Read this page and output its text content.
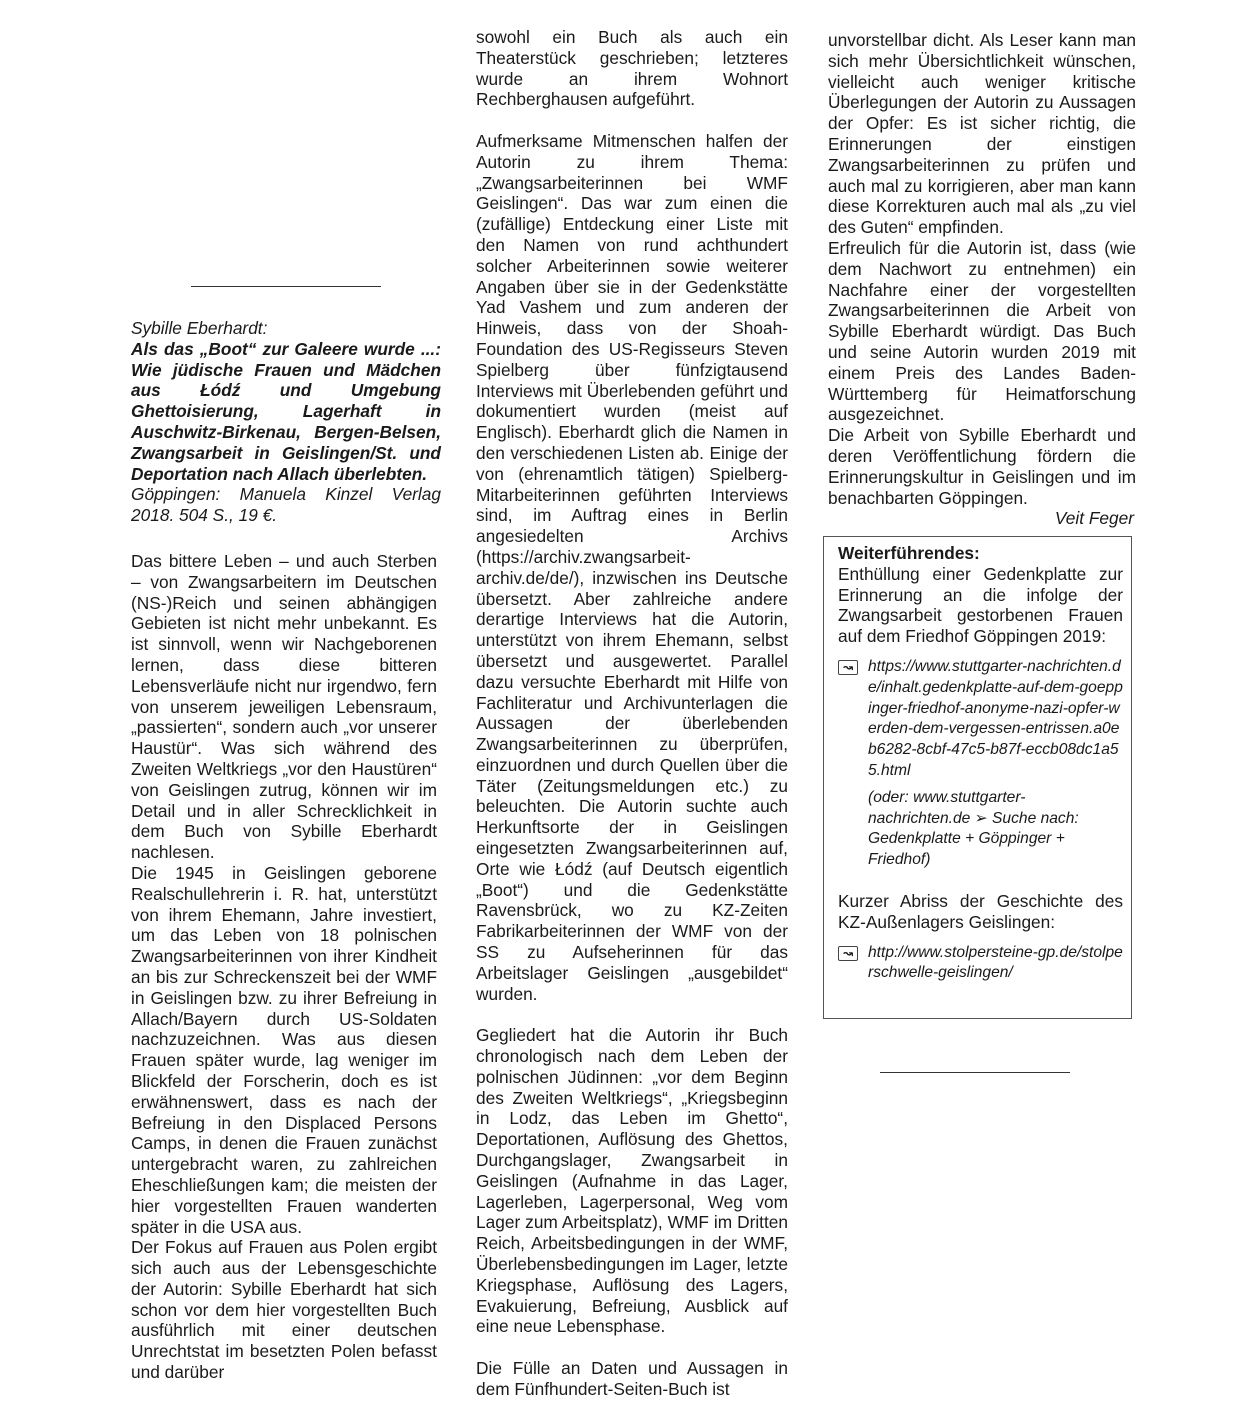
Sybille Eberhardt:
Als das „Boot“ zur Galeere wurde ...: Wie jüdische Frauen und Mädchen aus Łódź und Umgebung Ghettoisierung, Lagerhaft in Auschwitz-Birkenau, Bergen-Belsen, Zwangsarbeit in Geislingen/St. und Deportation nach Allach überlebten.
Göppingen: Manuela Kinzel Verlag 2018. 504 S., 19 €.

Das bittere Leben – und auch Sterben – von Zwangsarbeitern im Deutschen (NS-)Reich und seinen abhängigen Gebieten ist nicht mehr unbekannt. Es ist sinnvoll, wenn wir Nachgeborenen lernen, dass diese bitteren Lebensverläufe nicht nur irgendwo, fern von unserem jeweiligen Lebensraum, „passierten“, sondern auch „vor unserer Haustür“. Was sich während des Zweiten Weltkriegs „vor den Haustüren“ von Geislingen zutrug, können wir im Detail und in aller Schrecklichkeit in dem Buch von Sybille Eberhardt nachlesen.

Die 1945 in Geislingen geborene Realschullehrerin i. R. hat, unterstützt von ihrem Ehemann, Jahre investiert, um das Leben von 18 polnischen Zwangsarbeiterinnen von ihrer Kindheit an bis zur Schreckenszeit bei der WMF in Geislingen bzw. zu ihrer Befreiung in Allach/Bayern durch US-Soldaten nachzuzeichnen. Was aus diesen Frauen später wurde, lag weniger im Blickfeld der Forscherin, doch es ist erwähnenswert, dass es nach der Befreiung in den Displaced Persons Camps, in denen die Frauen zunächst untergebracht waren, zu zahlreichen Eheschließungen kam; die meisten der hier vorgestellten Frauen wanderten später in die USA aus.

Der Fokus auf Frauen aus Polen ergibt sich auch aus der Lebensgeschichte der Autorin: Sybille Eberhardt hat sich schon vor dem hier vorgestellten Buch ausführlich mit einer deutschen Unrechtstat im besetzten Polen befasst und darüber

sowohl ein Buch als auch ein Theaterstück geschrieben; letzteres wurde an ihrem Wohnort Rechberghausen aufgeführt.

Aufmerksame Mitmenschen halfen der Autorin zu ihrem Thema: „Zwangsarbeiterinnen bei WMF Geislingen“. Das war zum einen die (zufällige) Entdeckung einer Liste mit den Namen von rund achthundert solcher Arbeiterinnen sowie weiterer Angaben über sie in der Gedenkstätte Yad Vashem und zum anderen der Hinweis, dass von der Shoah-Foundation des US-Regisseurs Steven Spielberg über fünfzigtausend Interviews mit Überlebenden geführt und dokumentiert wurden (meist auf Englisch). Eberhardt glich die Namen in den verschiedenen Listen ab. Einige der von (ehrenamtlich tätigen) Spielberg-Mitarbeiterinnen geführten Interviews sind, im Auftrag eines in Berlin angesiedelten Archivs (https://archiv.zwangsarbeit-archiv.de/de/), inzwischen ins Deutsche übersetzt. Aber zahlreiche andere derartige Interviews hat die Autorin, unterstützt von ihrem Ehemann, selbst übersetzt und ausgewertet. Parallel dazu versuchte Eberhardt mit Hilfe von Fachliteratur und Archivunterlagen die Aussagen der überlebenden Zwangsarbeiterinnen zu überprüfen, einzuordnen und durch Quellen über die Täter (Zeitungsmeldungen etc.) zu beleuchten. Die Autorin suchte auch Herkunftsorte der in Geislingen eingesetzten Zwangsarbeiterinnen auf, Orte wie Łódź (auf Deutsch eigentlich „Boot“) und die Gedenkstätte Ravensbrück, wo zu KZ-Zeiten Fabrikarbeiterinnen der WMF von der SS zu Aufseherinnen für das Arbeitslager Geislingen „ausgebildet“ wurden.

Gegliedert hat die Autorin ihr Buch chronologisch nach dem Leben der polnischen Jüdinnen: „vor dem Beginn des Zweiten Weltkriegs“, „Kriegsbeginn in Lodz, das Leben im Ghetto“, Deportationen, Auflösung des Ghettos, Durchgangslager, Zwangsarbeit in Geislingen (Aufnahme in das Lager, Lagerleben, Lagerpersonal, Weg vom Lager zum Arbeitsplatz), WMF im Dritten Reich, Arbeitsbedingungen in der WMF, Überlebensbedingungen im Lager, letzte Kriegsphase, Auflösung des Lagers, Evakuierung, Befreiung, Ausblick auf eine neue Lebensphase.

Die Fülle an Daten und Aussagen in dem Fünfhundert-Seiten-Buch ist

unvorstellbar dicht. Als Leser kann man sich mehr Übersichtlichkeit wünschen, vielleicht auch weniger kritische Überlegungen der Autorin zu Aussagen der Opfer: Es ist sicher richtig, die Erinnerungen der einstigen Zwangsarbeiterinnen zu prüfen und auch mal zu korrigieren, aber man kann diese Korrekturen auch mal als „zu viel des Guten“ empfinden.

Erfreulich für die Autorin ist, dass (wie dem Nachwort zu entnehmen) ein Nachfahre einer der vorgestellten Zwangsarbeiterinnen die Arbeit von Sybille Eberhardt würdigt. Das Buch und seine Autorin wurden 2019 mit einem Preis des Landes Baden-Württemberg für Heimatforschung ausgezeichnet.

Die Arbeit von Sybille Eberhardt und deren Veröffentlichung fördern die Erinnerungskultur in Geislingen und im benachbarten Göppingen.

Veit Feger

Weiterführendes:

Enthüllung einer Gedenkplatte zur Erinnerung an die infolge der Zwangsarbeit gestorbenen Frauen auf dem Friedhof Göppingen 2019:

↝ https://www.stuttgarter-nachrichten.de/inhalt.gedenkplatte-auf-dem-goeppinger-friedhof-anonyme-nazi-opfer-werden-dem-vergessen-entrissen.a0eb6282-8cbf-47c5-b87f-eccb08dc1a55.html

(oder: www.stuttgarter-nachrichten.de ➢ Suche nach: Gedenkplatte + Göppinger + Friedhof)

Kurzer Abriss der Geschichte des KZ-Außenlagers Geislingen:

↝ http://www.stolpersteine-gp.de/stolperschwelle-geislingen/
